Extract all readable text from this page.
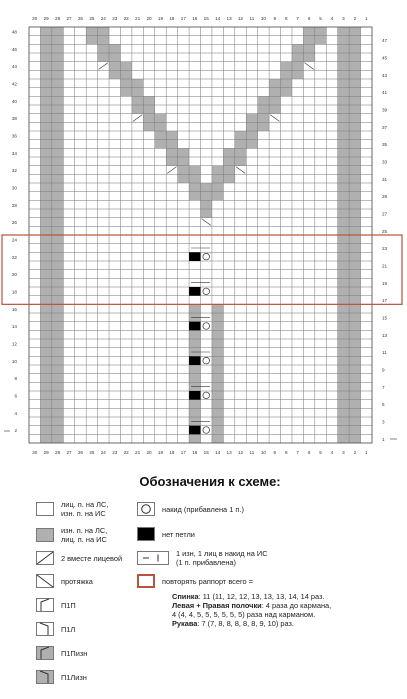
30 29 28 27 26 25 24 23 22 21 20 19 18 17 16 15 14 13 12 11 10 9 8 7 6 5 4 3 2 1
30 29 28 27 26 25 24 23 22 21 20 19 18 17 16 15 14 13 12 11 10 9 8 7 6 5 4 3 2 1
48
46
44
42
40
38
36
34
32
30
28
26
24
22
20
18
16
14
12
10
8
6
4
2
47
45
43
41
39
37
35
33
31
29
27
25
23
21
19
17
15
13
11
9
7
5
3
1
Обозначения к схеме:
лиц. п. на ЛС,
изн. п. на ИС
изн. п. на ЛС,
лиц. п. на ИС
2 вместе лицевой
протяжка
П1П
П1Л
П1Пизн
П1Лизн
накид (прибавлена 1 п.)
нет петли
1 изн, 1 лиц в накид на ИС
(1 п. прибавлена)
повторять раппорт всего =
Спинка: 11 (11, 12, 12, 13, 13, 13, 14, 14 раз.
Левая + Правая полочки: 4 раза до кармана,
4 (4, 4, 5, 5, 5, 5, 5, 5) раза над карманом.
Рукава: 7 (7, 8, 8, 8, 8, 8, 9, 10) раз.
